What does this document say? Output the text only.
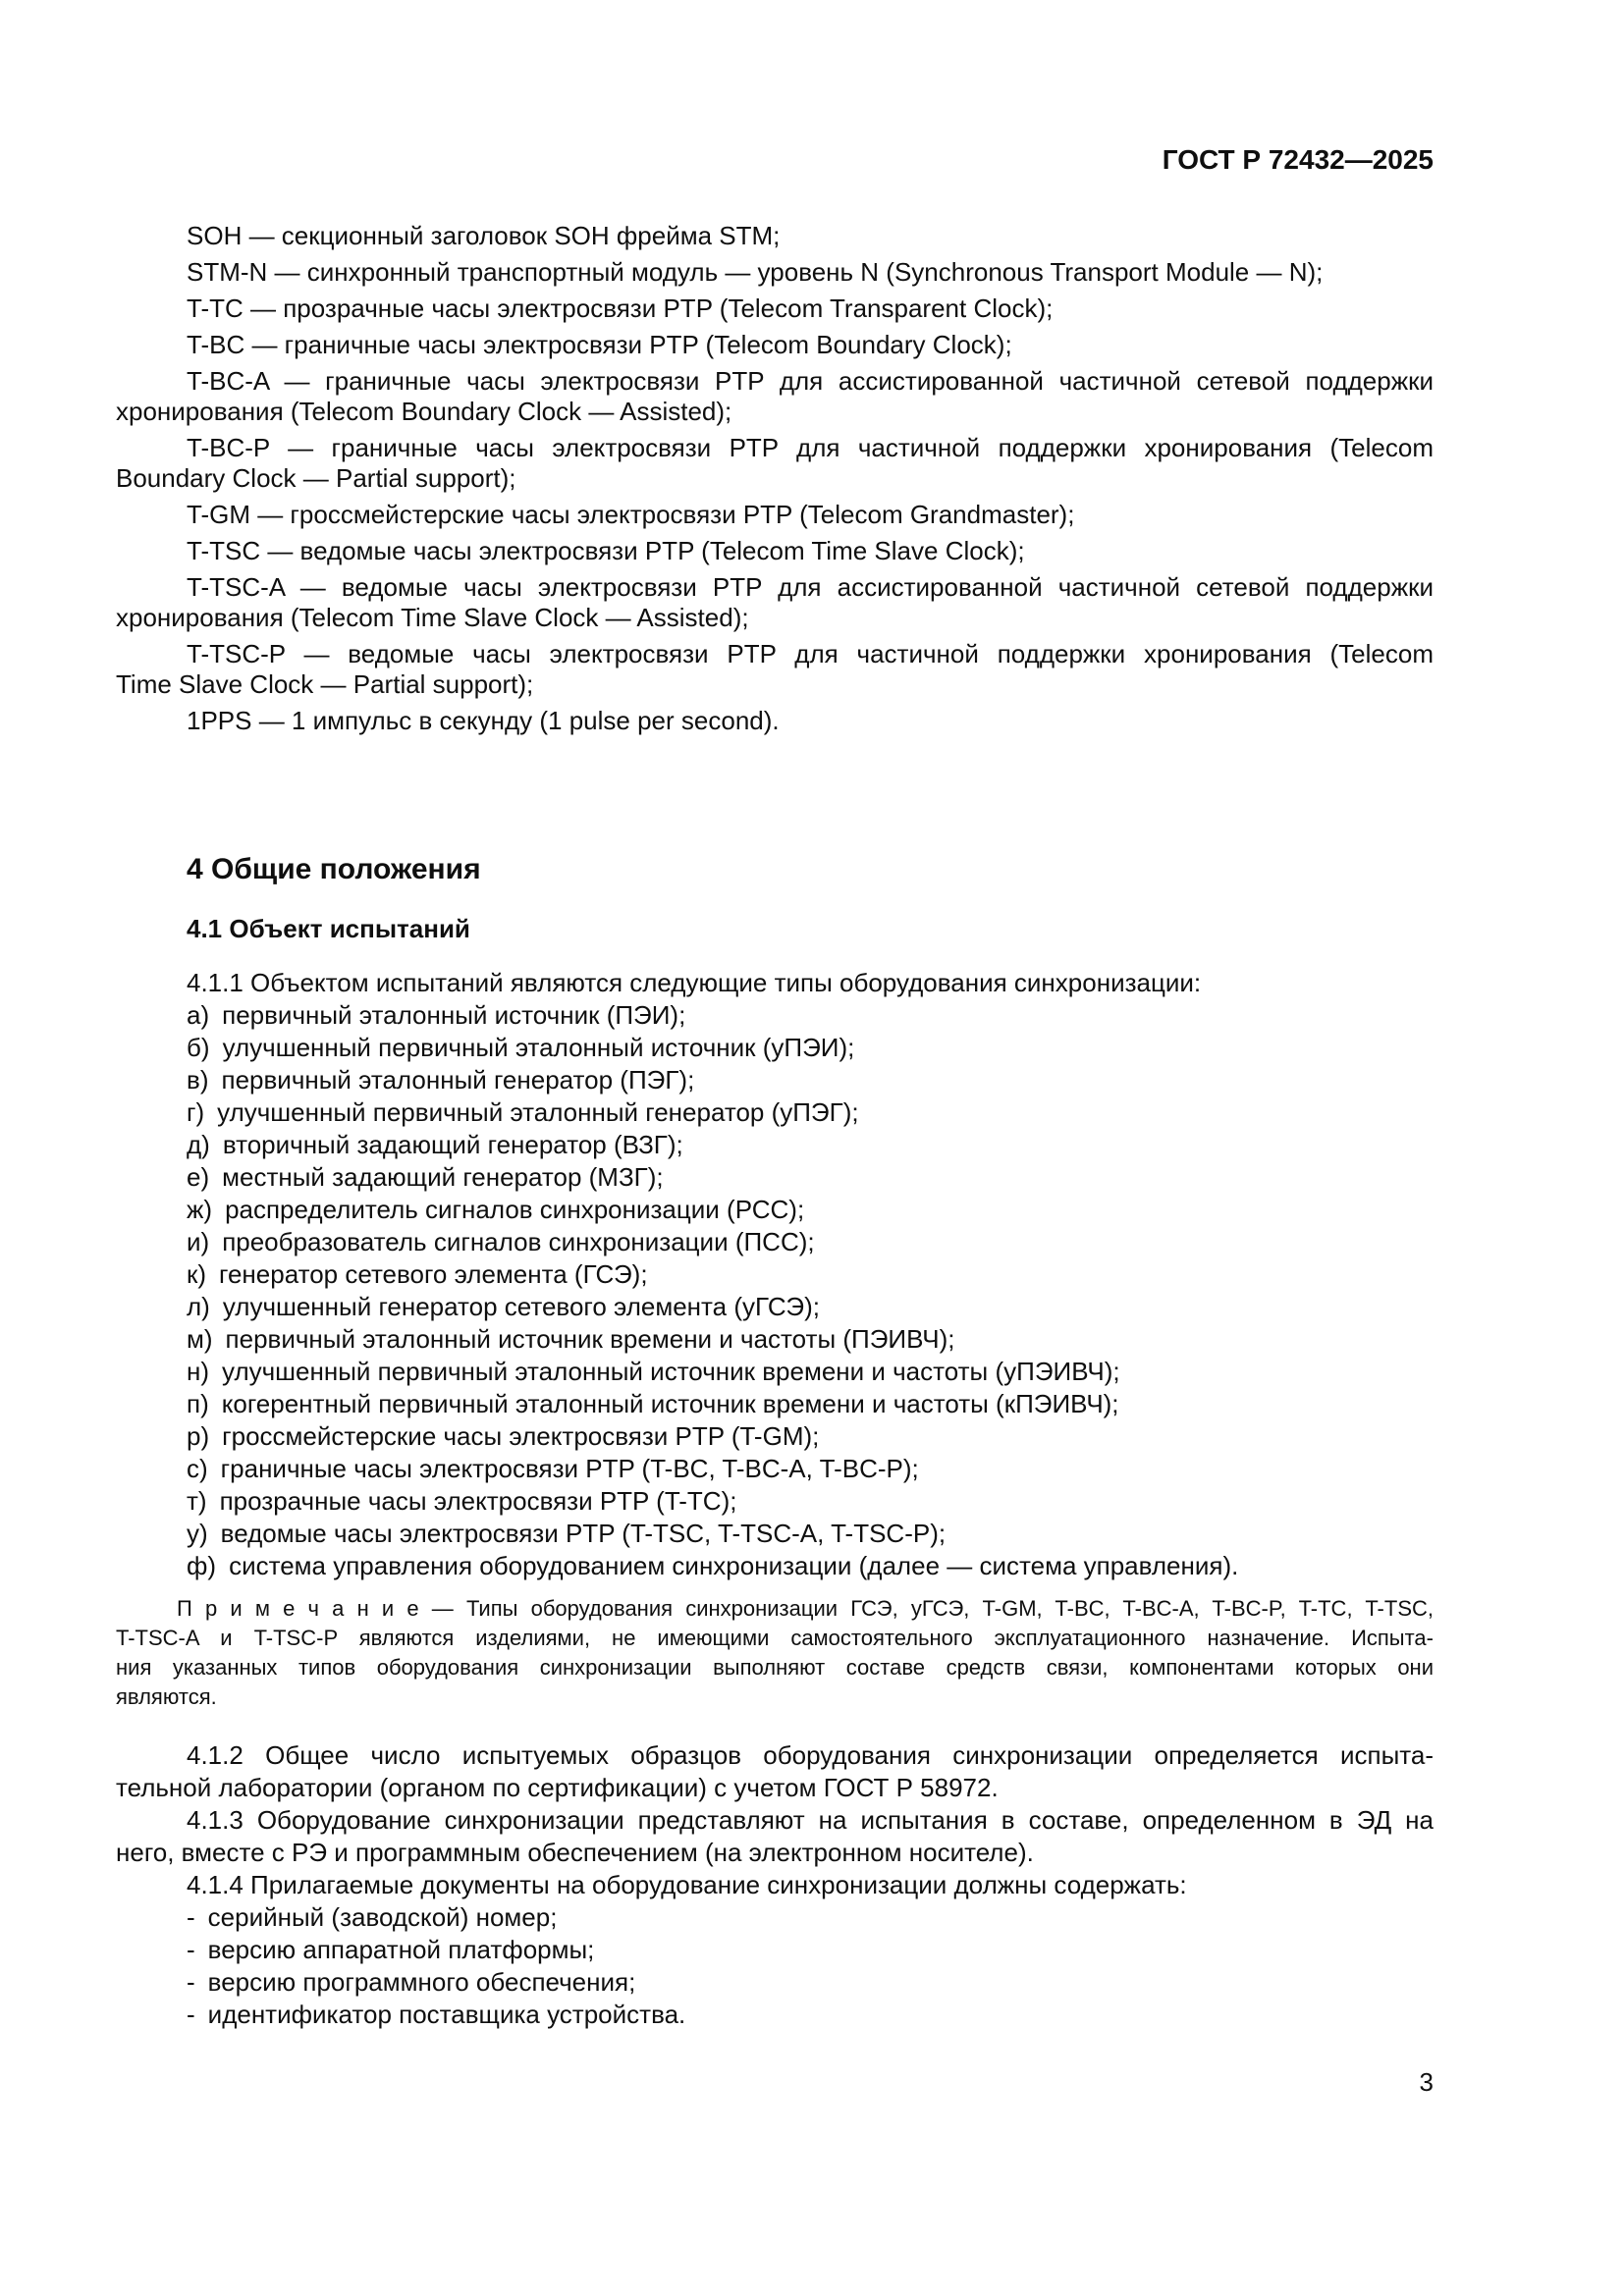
ГОСТ Р 72432—2025

SOH — секционный заголовок SOH фрейма STM;

STM-N — синхронный транспортный модуль — уровень N (Synchronous Transport Module — N);

T-TC — прозрачные часы электросвязи PTP (Telecom Transparent Clock);

T-BC — граничные часы электросвязи PTP (Telecom Boundary Clock);

T-BC-A — граничные часы электросвязи PTP для ассистированной частичной сетевой поддержки
хронирования (Telecom Boundary Clock — Assisted);

T-BC-P — граничные часы электросвязи PTP для частичной поддержки хронирования (Telecom
Boundary Clock — Partial support);

T-GM — гроссмейстерские часы электросвязи PTP (Telecom Grandmaster);

T-TSC — ведомые часы электросвязи PTP (Telecom Time Slave Clock);

T-TSC-A — ведомые часы электросвязи PTP для ассистированной частичной сетевой поддержки
хронирования (Telecom Time Slave Clock — Assisted);

T-TSC-P — ведомые часы электросвязи PTP для частичной поддержки хронирования (Telecom
Time Slave Clock — Partial support);

1PPS — 1 импульс в секунду (1 pulse per second).

4 Общие положения
4.1 Объект испытаний

4.1.1 Объектом испытаний являются следующие типы оборудования синхронизации:

а) первичный эталонный источник (ПЭИ);
б) улучшенный первичный эталонный источник (уПЭИ);
в) первичный эталонный генератор (ПЭГ);
г) улучшенный первичный эталонный генератор (уПЭГ);
д) вторичный задающий генератор (ВЗГ);
е) местный задающий генератор (МЗГ);
ж) распределитель сигналов синхронизации (РСС);
и) преобразователь сигналов синхронизации (ПСС);
к) генератор сетевого элемента (ГСЭ);
л) улучшенный генератор сетевого элемента (уГСЭ);
м) первичный эталонный источник времени и частоты (ПЭИВЧ);
н) улучшенный первичный эталонный источник времени и частоты (уПЭИВЧ);
п) когерентный первичный эталонный источник времени и частоты (кПЭИВЧ);
р) гроссмейстерские часы электросвязи PTP (T-GM);
с) граничные часы электросвязи PTP (T-BC, T-BC-A, T-BC-P);
т) прозрачные часы электросвязи PTP (T-TC);
у) ведомые часы электросвязи PTP (T-TSC, T-TSC-A, T-TSC-P);
ф) система управления оборудованием синхронизации (далее — система управления).
П р и м е ч а н и е — Типы оборудования синхронизации ГСЭ, уГСЭ, T-GM, T-BC, T-BC-A, T-BC-P, T-TC, T-TSC,
T-TSC-A и T-TSC-P являются изделиями, не имеющими самостоятельного эксплуатационного назначение. Испыта-
ния указанных типов оборудования синхронизации выполняют составе средств связи, компонентами которых они
являются.

4.1.2 Общее число испытуемых образцов оборудования синхронизации определяется испыта-
тельной лаборатории (органом по сертификации) с учетом ГОСТ Р 58972.

4.1.3 Оборудование синхронизации представляют на испытания в составе, определенном в ЭД на
него, вместе с РЭ и программным обеспечением (на электронном носителе).

4.1.4 Прилагаемые документы на оборудование синхронизации должны содержать:

- серийный (заводской) номер;
- версию аппаратной платформы;
- версию программного обеспечения;
- идентификатор поставщика устройства.
3
